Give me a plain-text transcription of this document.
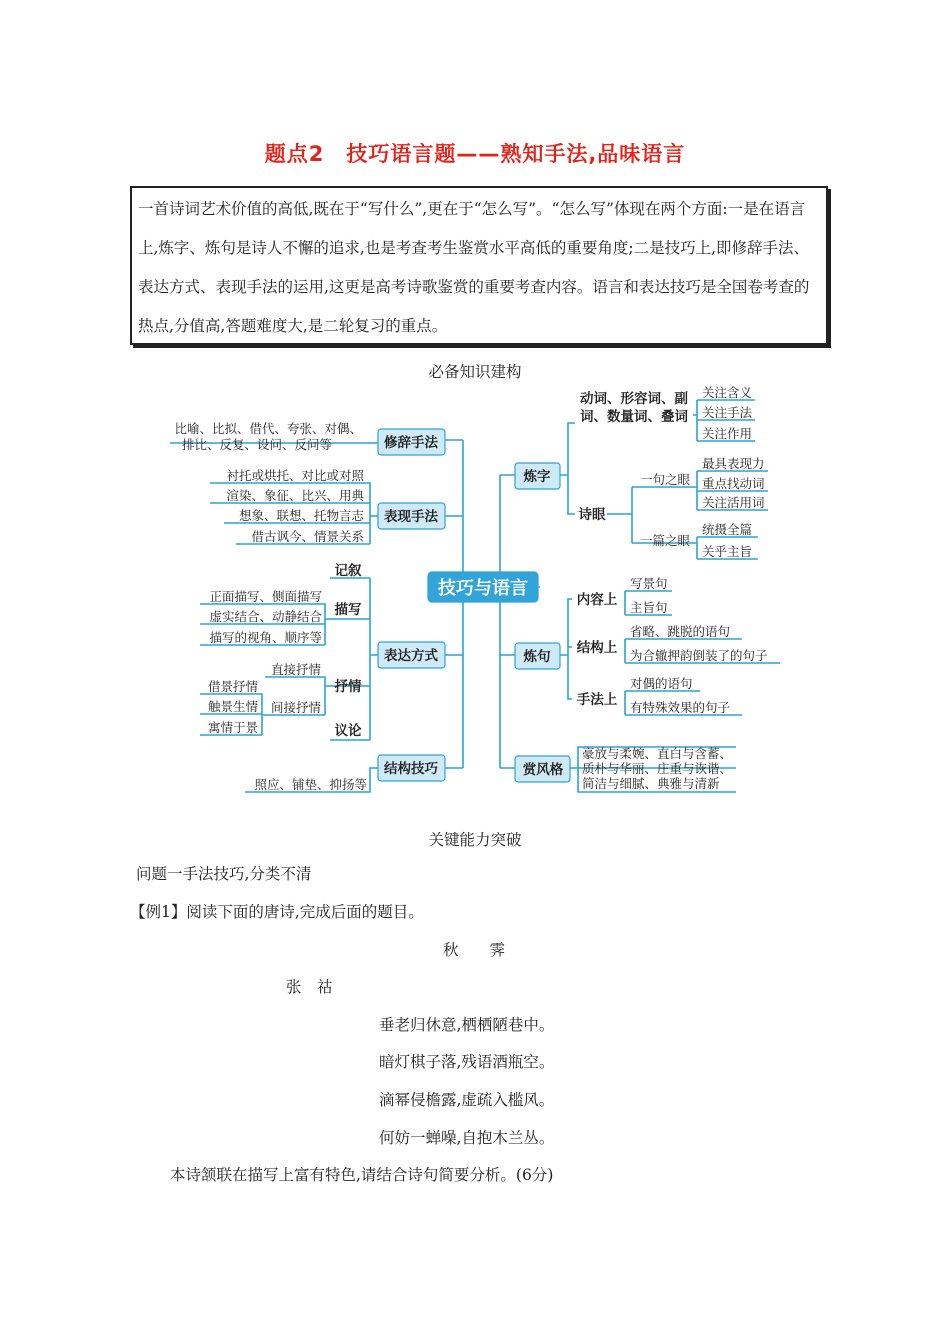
题点2　技巧语言题——熟知手法,品味语言
一首诗词艺术价值的高低,既在于“写什么”,更在于“怎么写”。“怎么写”体现在两个方面:一是在语言上,炼字、炼句是诗人不懈的追求,也是考查考生鉴赏水平高低的重要角度;二是技巧上,即修辞手法、表达方式、表现手法的运用,这更是高考诗歌鉴赏的重要考查内容。语言和表达技巧是全国卷考查的热点,分值高,答题难度大,是二轮复习的重点。
必备知识建构
修辞手法
表现手法
表达方式
结构技巧
炼字
炼句
赏风格
记叙
描写
抒情
议论
动词、形容词、副
词、数量词、叠词
诗眼
内容上
结构上
手法上
技巧与语言
比喻、比拟、借代、夸张、对偶、
排比、反复、设问、反问等
衬托或烘托、对比或对照
渲染、象征、比兴、用典
想象、联想、托物言志
借古讽今、情景关系
正面描写、侧面描写
虚实结合、动静结合
描写的视角、顺序等
直接抒情
间接抒情
借景抒情
触景生情
寓情于景
照应、铺垫、抑扬等
关注含义
关注手法
关注作用
一句之眼
一篇之眼
最具表现力
重点找动词
关注活用词
统摄全篇
关乎主旨
写景句
主旨句
省略、跳脱的语句
为合辙押韵倒装了的句子
对偶的语句
有特殊效果的句子
豪放与柔婉、直白与含蓄、
质朴与华丽、庄重与诙谐、
简洁与细腻、典雅与清新
关键能力突破
问题一手法技巧,分类不清
【例1】阅读下面的唐诗,完成后面的题目。
秋　　霁
张　祜
垂老归休意,栖栖陋巷中。
暗灯棋子落,残语酒瓶空。
滴幂侵檐露,虚疏入槛风。
何妨一蝉噪,自抱木兰丛。
本诗颔联在描写上富有特色,请结合诗句简要分析。(6分)
